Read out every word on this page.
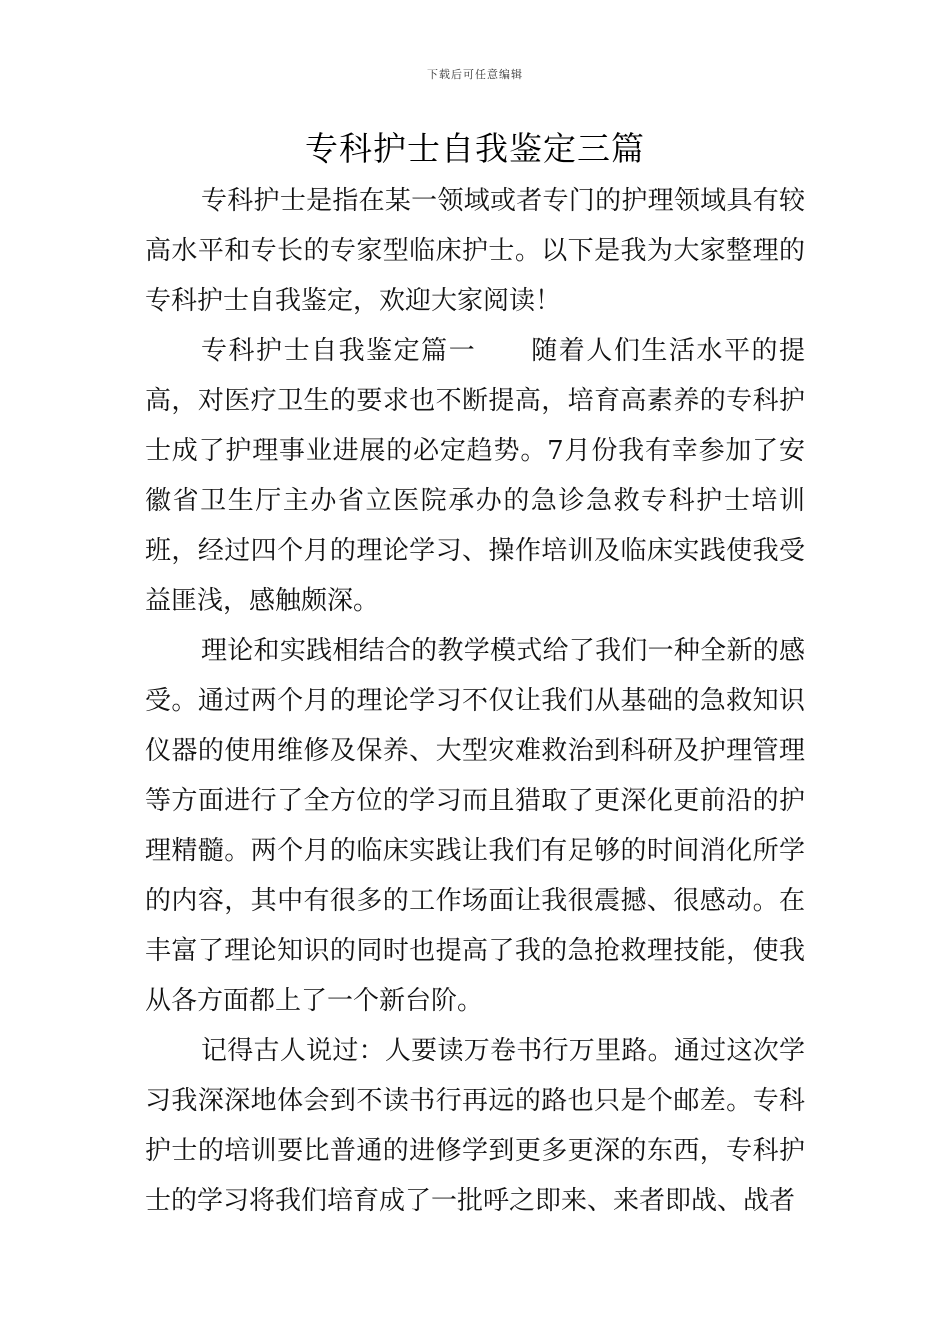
下载后可任意编辑
专科护士自我鉴定三篇

专科护士是指在某一领域或者专门的护理领域具有较高水平和专长的专家型临床护士。以下是我为大家整理的专科护士自我鉴定，欢迎大家阅读！

专科护士自我鉴定篇一　　随着人们生活水平的提高，对医疗卫生的要求也不断提高，培育高素养的专科护士成了护理事业进展的必定趋势。7月份我有幸参加了安徽省卫生厅主办省立医院承办的急诊急救专科护士培训班，经过四个月的理论学习、操作培训及临床实践使我受益匪浅，感触颇深。

理论和实践相结合的教学模式给了我们一种全新的感受。通过两个月的理论学习不仅让我们从基础的急救知识仪器的使用维修及保养、大型灾难救治到科研及护理管理等方面进行了全方位的学习而且猎取了更深化更前沿的护理精髓。两个月的临床实践让我们有足够的时间消化所学的内容，其中有很多的工作场面让我很震撼、很感动。在丰富了理论知识的同时也提高了我的急抢救理技能，使我从各方面都上了一个新台阶。

记得古人说过：人要读万卷书行万里路。通过这次学习我深深地体会到不读书行再远的路也只是个邮差。专科护士的培训要比普通的进修学到更多更深的东西，专科护士的学习将我们培育成了一批呼之即来、来者即战、战者
